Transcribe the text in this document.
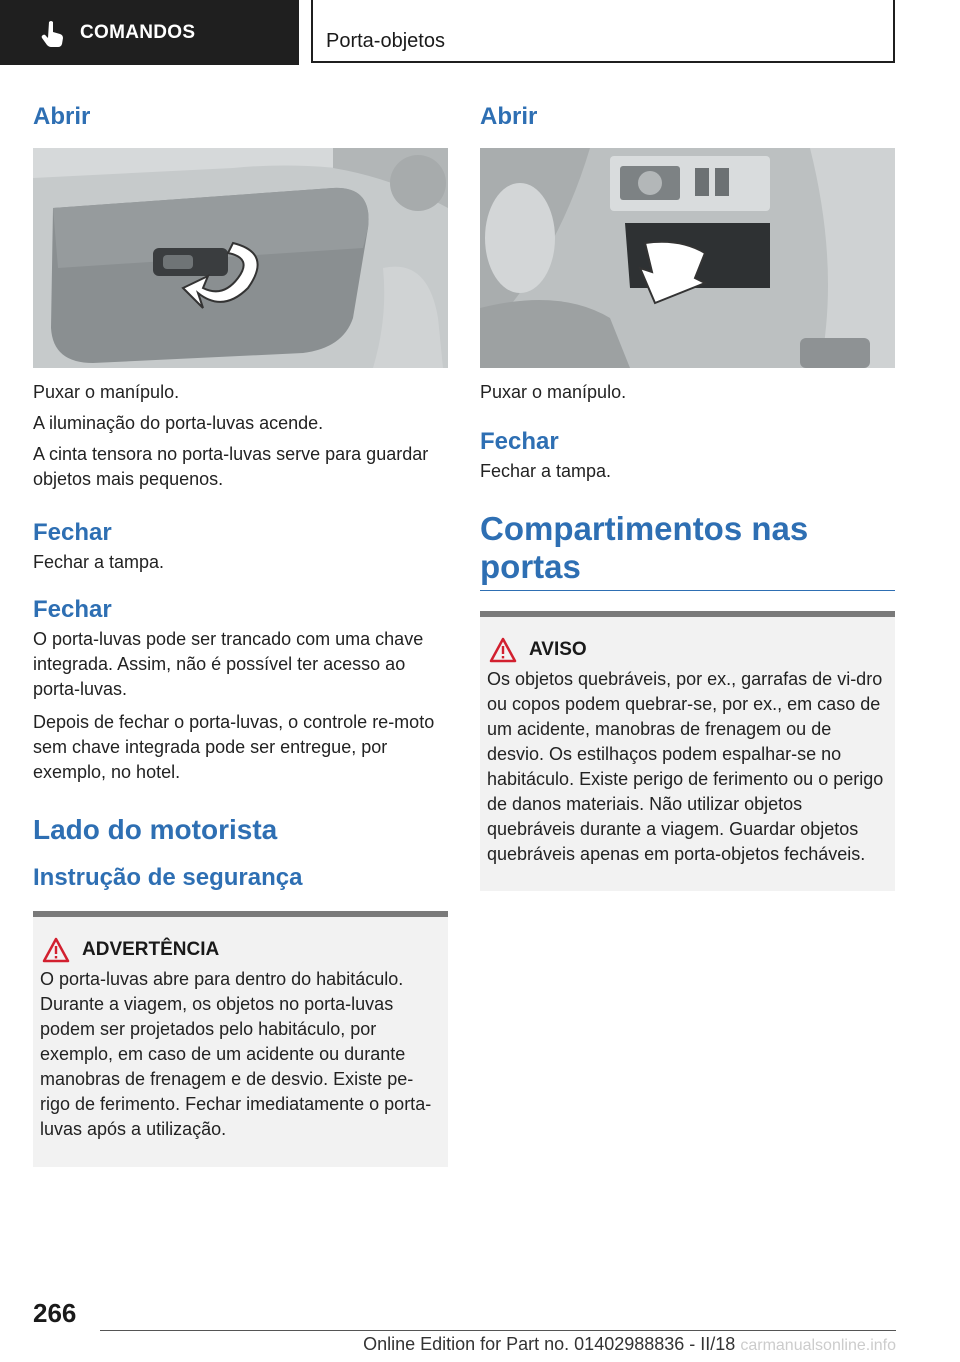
COMANDOS	Porta-objetos
Abrir

Puxar o manípulo.

A iluminação do porta-luvas acende.

A cinta tensora no porta-luvas serve para guardar objetos mais pequenos.

Fechar

Fechar a tampa.

Fechar

O porta-luvas pode ser trancado com uma chave integrada. Assim, não é possível ter acesso ao porta-luvas.

Depois de fechar o porta-luvas, o controle re-moto sem chave integrada pode ser entregue, por exemplo, no hotel.

Lado do motorista
Instrução de segurança
ADVERTÊNCIA

O porta-luvas abre para dentro do habitáculo. Durante a viagem, os objetos no porta-luvas podem ser projetados pelo habitáculo, por exemplo, em caso de um acidente ou durante manobras de frenagem e de desvio. Existe pe-rigo de ferimento. Fechar imediatamente o porta-luvas após a utilização.

Abrir

Puxar o manípulo.

Fechar

Fechar a tampa.

Compartimentos nas portas
AVISO

Os objetos quebráveis, por ex., garrafas de vi-dro ou copos podem quebrar-se, por ex., em caso de um acidente, manobras de frenagem ou de desvio. Os estilhaços podem espalhar-se no habitáculo. Existe perigo de ferimento ou o perigo de danos materiais. Não utilizar objetos quebráveis durante a viagem. Guardar objetos quebráveis apenas em porta-objetos fecháveis.

266
Online Edition for Part no. 01402988836 - II/18 carmanualsonline.info
